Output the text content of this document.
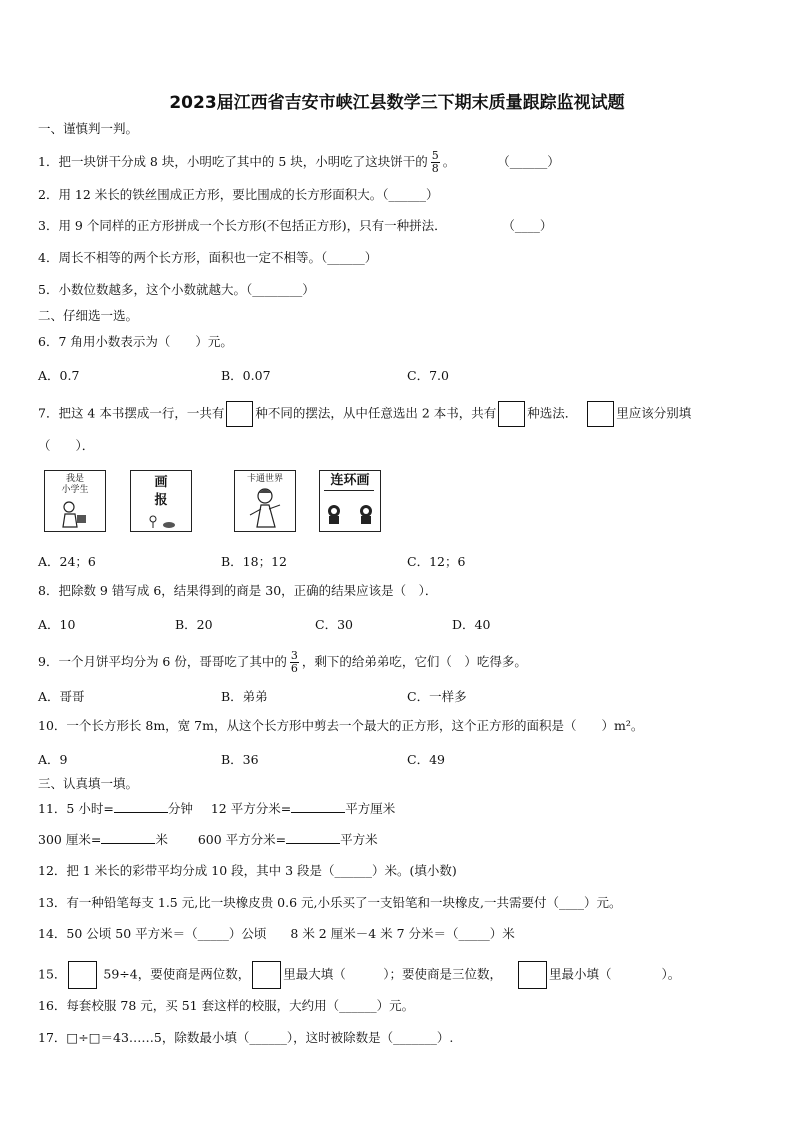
2023届江西省吉安市峡江县数学三下期末质量跟踪监视试题
一、谨慎判一判。
1．把一块饼干分成 8 块，小明吃了其中的 5 块，小明吃了这块饼干的 $\frac{5}{8}$ 。	（______）
2．用 12 米长的铁丝围成正方形，要比围成的长方形面积大。（______）
3．用 9 个同样的正方形拼成一个长方形(不包括正方形)，只有一种拼法．	（____）
4．周长不相等的两个长方形，面积也一定不相等。（______）
5．小数位数越多，这个小数就越大。（________）
二、仔细选一选。
6．7 角用小数表示为（　　）元。
A．0.7	B．0.07	C．7.0
7．把这 4 本书摆成一行，一共有 种不同的摆法，从中任意选出 2 本书，共有 种选法．	里应该分别填
（　　）．
我是
小学生	画
报
卡通世界	连环画
A．24；6	B．18；12	C．12；6
8．把除数 9 错写成 6，结果得到的商是 30，正确的结果应该是（　）．
A．10	B．20	C．30	D．40
9．一个月饼平均分为 6 份，哥哥吃了其中的 $\frac{3}{6}$ ，剩下的给弟弟吃，它们（　）吃得多。
A．哥哥	B．弟弟	C．一样多
10．一个长方形长 8m，宽 7m，从这个长方形中剪去一个最大的正方形，这个正方形的面积是（　　）m²。
A．9	B．36	C．49
三、认真填一填。
11．5 小时=	分钟 12 平方分米=	平方厘米
300 厘米=	米 600 平方分米=	平方米
12．把 1 米长的彩带平均分成 10 段，其中 3 段是（______）米。(填小数)
13．有一种铅笔每支 1.5 元,比一块橡皮贵 0.6 元,小乐买了一支铅笔和一块橡皮,一共需要付（____）元。
14．50 公顷 50 平方米＝（_____）公顷 8 米 2 厘米－4 米 7 分米＝（_____）米
15．	59÷4，要使商是两位数，	里最大填（　　　）；要使商是三位数，	里最小填（　　　　）。
16．每套校服 78 元，买 51 套这样的校服，大约用（______）元。
17．□÷□＝43……5，除数最小填（______），这时被除数是（_______）.
